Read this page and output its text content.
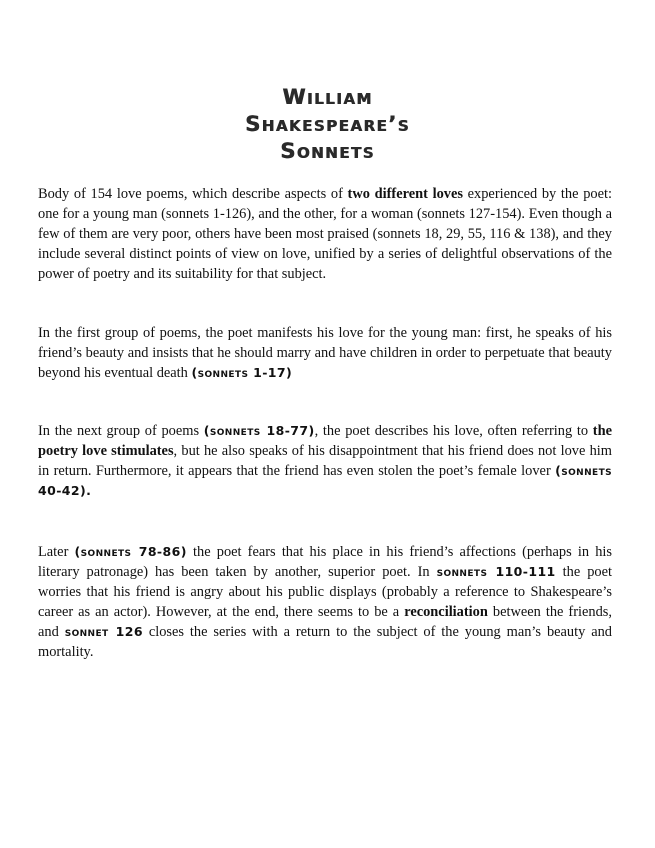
William
Shakespeare’s
Sonnets

Body of 154 love poems, which describe aspects of two different loves experienced by the poet: one for a young man (sonnets 1-126), and the other, for a woman (sonnets 127-154). Even though a few of them are very poor, others have been most praised (sonnets 18, 29, 55, 116 & 138), and they include several distinct points of view on love, unified by a series of delightful observations of the power of poetry and its suitability for that subject.

In the first group of poems, the poet manifests his love for the young man: first, he speaks of his friend’s beauty and insists that he should marry and have children in order to perpetuate that beauty beyond his eventual death (sonnets 1-17)

In the next group of poems (sonnets 18-77), the poet describes his love, often referring to the poetry love stimulates, but he also speaks of his disappointment that his friend does not love him in return. Furthermore, it appears that the friend has even stolen the poet’s female lover (sonnets 40-42).

Later (sonnets 78-86) the poet fears that his place in his friend’s affections (perhaps in his literary patronage) has been taken by another, superior poet. In sonnets 110-111 the poet worries that his friend is angry about his public displays (probably a reference to Shakespeare’s career as an actor). However, at the end, there seems to be a reconciliation between the friends, and sonnet 126 closes the series with a return to the subject of the young man’s beauty and mortality.
